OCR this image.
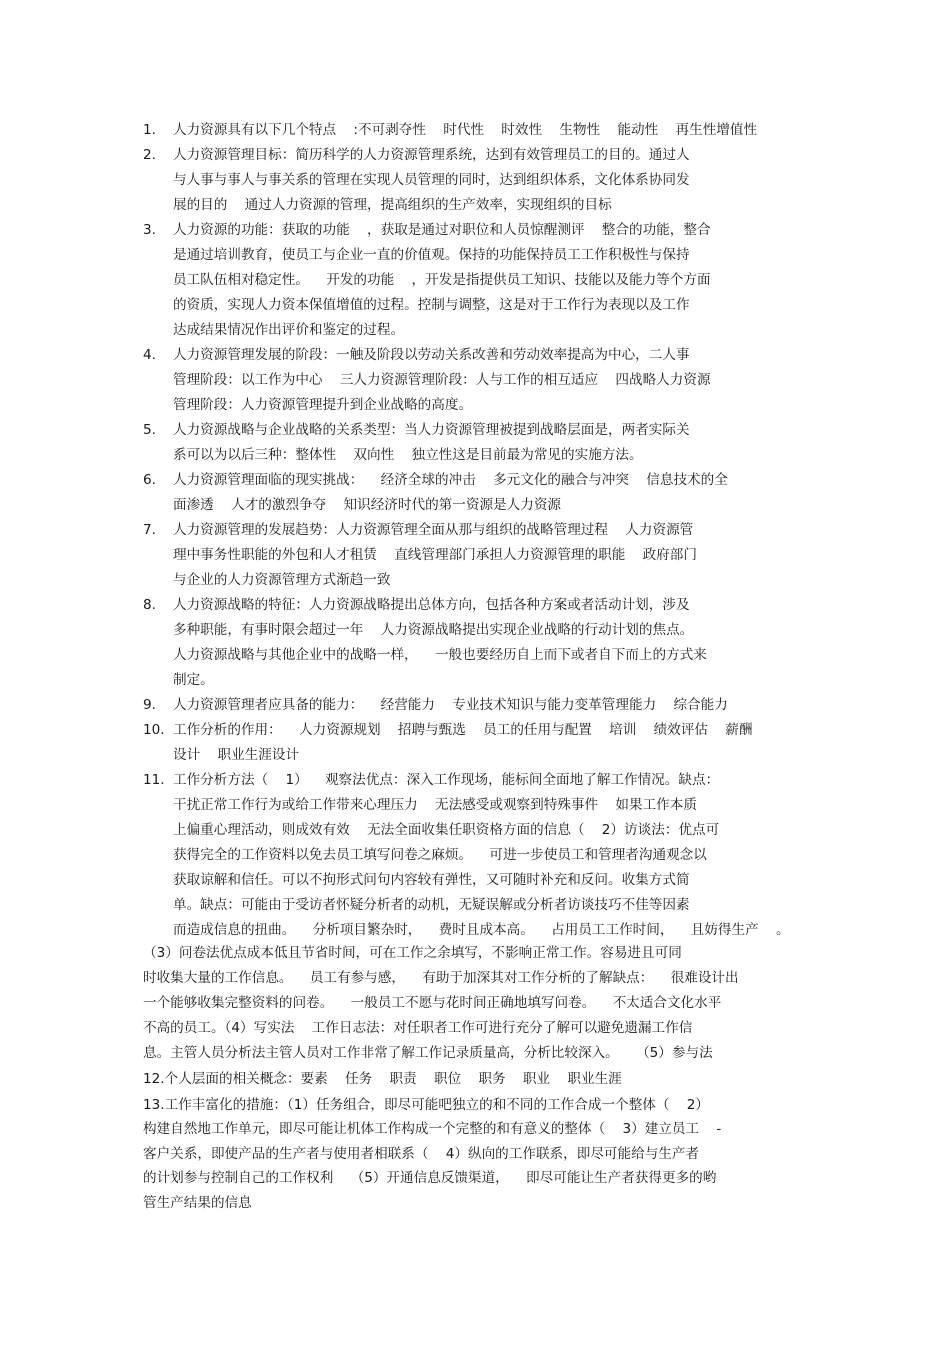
1. 人力资源具有以下几个特点    :不可剥夺性    时代性    时效性    生物性    能动性    再生性增值性
2. 人力资源管理目标：简历科学的人力资源管理系统，达到有效管理员工的目的。通过人
与人事与事人与事关系的管理在实现人员管理的同时，达到组织体系，文化体系协同发
展的目的    通过人力资源的管理，提高组织的生产效率，实现组织的目标
3. 人力资源的功能：获取的功能    ，获取是通过对职位和人员惊醒测评    整合的功能，整合
是通过培训教育，使员工与企业一直的价值观。保持的功能保持员工工作积极性与保持
员工队伍相对稳定性。    开发的功能    ，开发是指提供员工知识、技能以及能力等个方面
的资质，实现人力资本保值增值的过程。控制与调整，这是对于工作行为表现以及工作
达成结果情况作出评价和鉴定的过程。
4. 人力资源管理发展的阶段：一触及阶段以劳动关系改善和劳动效率提高为中心，二人事
管理阶段：以工作为中心    三人力资源管理阶段：人与工作的相互适应    四战略人力资源
管理阶段：人力资源管理提升到企业战略的高度。
5. 人力资源战略与企业战略的关系类型：当人力资源管理被提到战略层面是，两者实际关
系可以为以后三种：整体性    双向性    独立性这是目前最为常见的实施方法。
6. 人力资源管理面临的现实挑战：    经济全球的冲击    多元文化的融合与冲突    信息技术的全
面渗透    人才的激烈争夺    知识经济时代的第一资源是人力资源
7. 人力资源管理的发展趋势：人力资源管理全面从那与组织的战略管理过程    人力资源管
理中事务性职能的外包和人才租赁    直线管理部门承担人力资源管理的职能    政府部门
与企业的人力资源管理方式渐趋一致
8. 人力资源战略的特征：人力资源战略提出总体方向，包括各种方案或者活动计划，涉及
多种职能，有事时限会超过一年    人力资源战略提出实现企业战略的行动计划的焦点。
人力资源战略与其他企业中的战略一样，    一般也要经历自上而下或者自下而上的方式来
制定。
9. 人力资源管理者应具备的能力：    经营能力    专业技术知识与能力变革管理能力    综合能力
10. 工作分析的作用：    人力资源规划    招聘与甄选    员工的任用与配置    培训    绩效评估    薪酬
设计    职业生涯设计
11. 工作分析方法（    1）    观察法优点：深入工作现场，能标间全面地了解工作情况。缺点：
干扰正常工作行为或给工作带来心理压力    无法感受或观察到特殊事件    如果工作本质
上偏重心理活动，则成效有效    无法全面收集任职资格方面的信息（    2）访谈法：优点可
获得完全的工作资料以免去员工填写问卷之麻烦。    可进一步使员工和管理者沟通观念以
获取谅解和信任。可以不拘形式问句内容较有弹性，又可随时补充和反问。收集方式简
单。缺点：可能由于受访者怀疑分析者的动机，无疑误解或分析者访谈技巧不佳等因素
而造成信息的扭曲。    分析项目繁杂时，    费时且成本高。    占用员工工作时间，    且妨得生产    。
（3）问卷法优点成本低且节省时间，可在工作之余填写，不影响正常工作。容易进且可同
时收集大量的工作信息。    员工有参与感，    有助于加深其对工作分析的了解缺点：    很难设计出
一个能够收集完整资料的问卷。    一般员工不愿与花时间正确地填写问卷。    不太适合文化水平
不高的员工。（4）写实法    工作日志法：对任职者工作可进行充分了解可以避免遗漏工作信
息。主管人员分析法主管人员对工作非常了解工作记录质量高，分析比较深入。    （5）参与法
12.个人层面的相关概念：要素    任务    职责    职位    职务    职业    职业生涯
13.工作丰富化的措施：（1）任务组合，即尽可能吧独立的和不同的工作合成一个整体（    2）
构建自然地工作单元，即尽可能让机体工作构成一个完整的和有意义的整体（    3）建立员工    -
客户关系，即使产品的生产者与使用者相联系（    4）纵向的工作联系，即尽可能给与生产者
的计划参与控制自己的工作权利    （5）开通信息反馈渠道，    即尽可能让生产者获得更多的哟
管生产结果的信息
